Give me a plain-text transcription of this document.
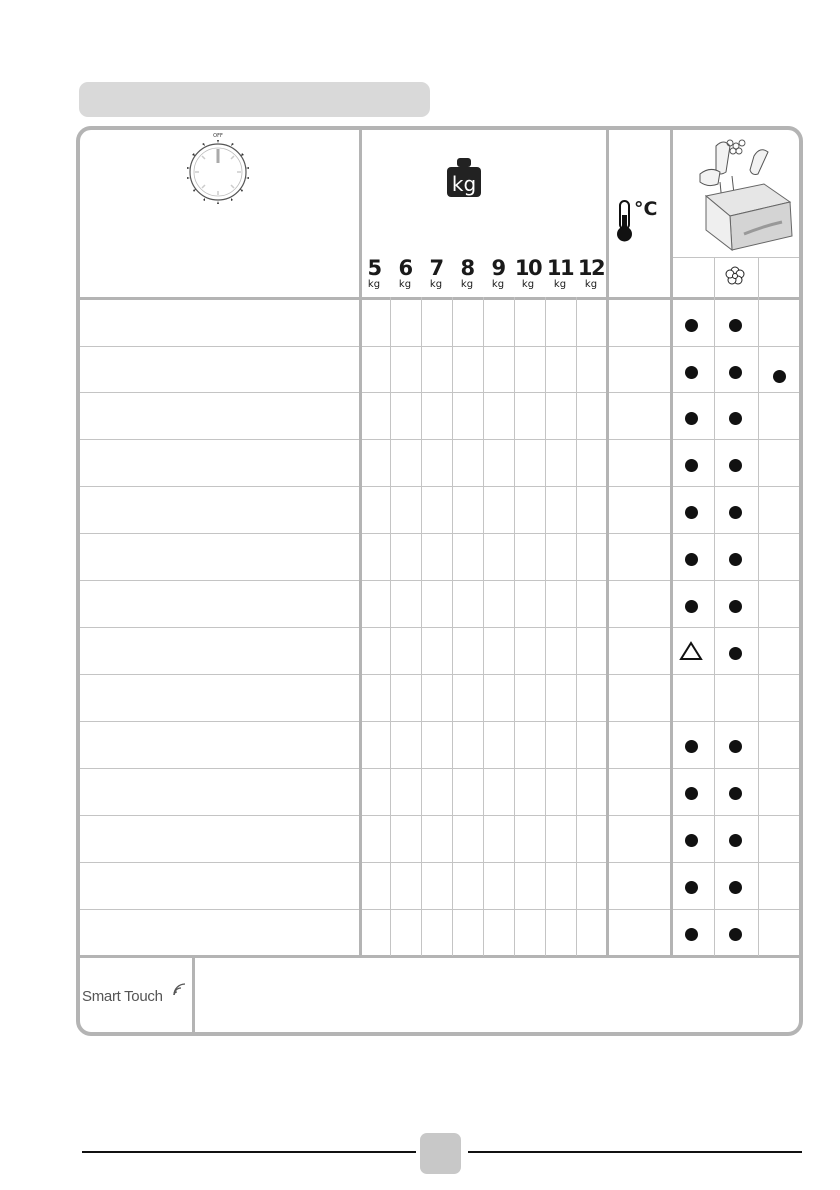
OFF
kg
5
kg
6
kg
7
kg
8
kg
9
kg
10
kg
11
kg
12
kg
°C
Smart Touch
